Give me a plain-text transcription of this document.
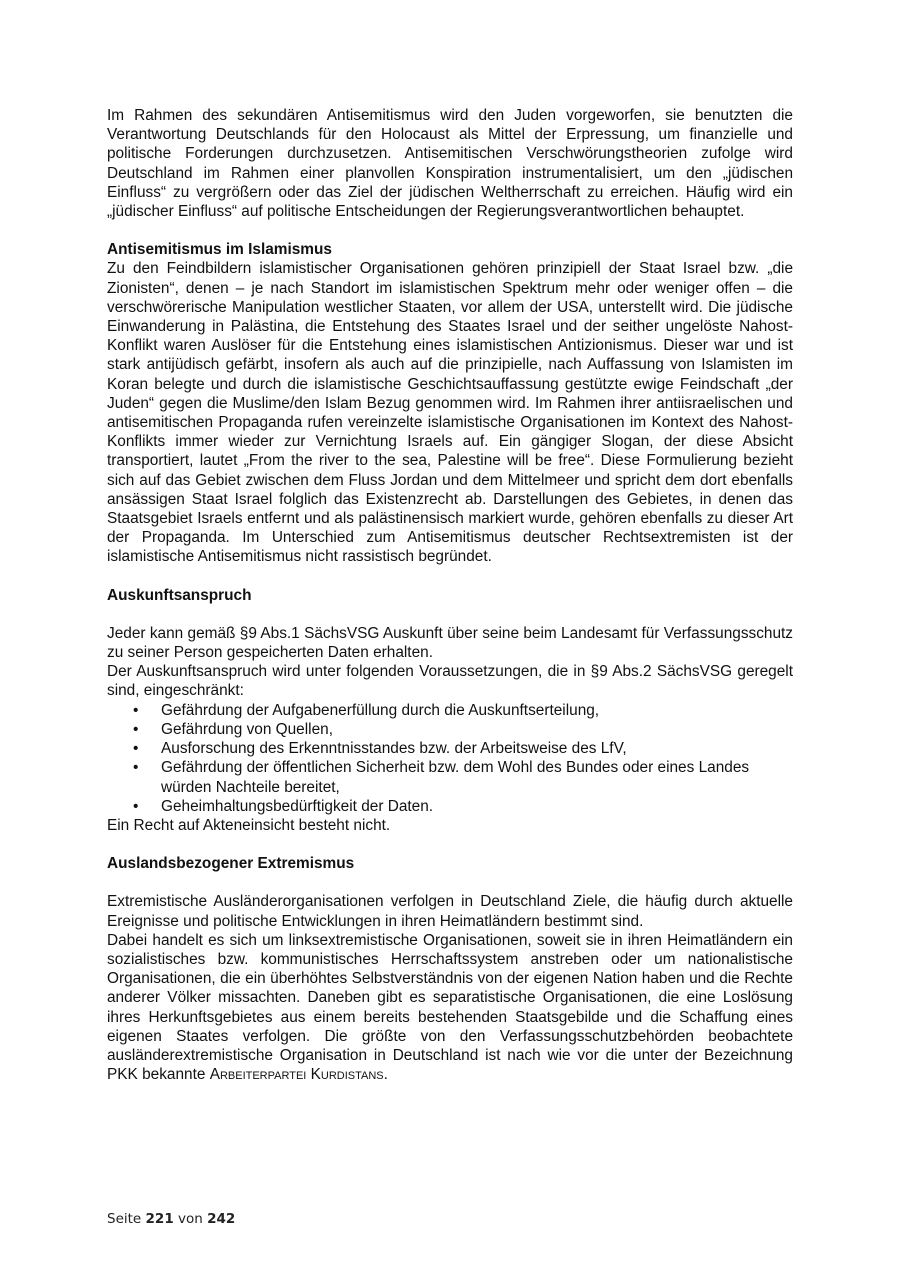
Im Rahmen des sekundären Antisemitismus wird den Juden vorgeworfen, sie benutzten die Verantwortung Deutschlands für den Holocaust als Mittel der Erpressung, um finanzielle und politische Forderungen durchzusetzen. Antisemitischen Verschwörungstheorien zufolge wird Deutschland im Rahmen einer planvollen Konspiration instrumentalisiert, um den „jüdischen Einfluss“ zu vergrößern oder das Ziel der jüdischen Weltherrschaft zu erreichen. Häufig wird ein „jüdischer Einfluss“ auf politische Entscheidungen der Regierungsverantwortlichen behauptet.

Antisemitismus im Islamismus

Zu den Feindbildern islamistischer Organisationen gehören prinzipiell der Staat Israel bzw. „die Zionisten“, denen – je nach Standort im islamistischen Spektrum mehr oder weniger offen – die verschwörerische Manipulation westlicher Staaten, vor allem der USA, unterstellt wird. Die jüdische Einwanderung in Palästina, die Entstehung des Staates Israel und der seither ungelöste Nahost-Konflikt waren Auslöser für die Entstehung eines islamistischen Antizionismus. Dieser war und ist stark antijüdisch gefärbt, insofern als auch auf die prinzipielle, nach Auffassung von Islamisten im Koran belegte und durch die islamistische Geschichtsauffassung gestützte ewige Feindschaft „der Juden“ gegen die Muslime/den Islam Bezug genommen wird. Im Rahmen ihrer antiisraelischen und antisemitischen Propaganda rufen vereinzelte islamistische Organisationen im Kontext des Nahost-Konflikts immer wieder zur Vernichtung Israels auf. Ein gängiger Slogan, der diese Absicht transportiert, lautet „From the river to the sea, Palestine will be free“. Diese Formulierung bezieht sich auf das Gebiet zwischen dem Fluss Jordan und dem Mittelmeer und spricht dem dort ebenfalls ansässigen Staat Israel folglich das Existenzrecht ab. Darstellungen des Gebietes, in denen das Staatsgebiet Israels entfernt und als palästinensisch markiert wurde, gehören ebenfalls zu dieser Art der Propaganda. Im Unterschied zum Antisemitismus deutscher Rechtsextremisten ist der islamistische Antisemitismus nicht rassistisch begründet.

Auskunftsanspruch

Jeder kann gemäß §9 Abs.1 SächsVSG Auskunft über seine beim Landesamt für Verfassungsschutz zu seiner Person gespeicherten Daten erhalten.

Der Auskunftsanspruch wird unter folgenden Voraussetzungen, die in §9 Abs.2 SächsVSG geregelt sind, eingeschränkt:

• Gefährdung der Aufgabenerfüllung durch die Auskunftserteilung,
• Gefährdung von Quellen,
• Ausforschung des Erkenntnisstandes bzw. der Arbeitsweise des LfV,
• Gefährdung der öffentlichen Sicherheit bzw. dem Wohl des Bundes oder eines Landes würden Nachteile bereitet,
• Geheimhaltungsbedürftigkeit der Daten.

Ein Recht auf Akteneinsicht besteht nicht.

Auslandsbezogener Extremismus

Extremistische Ausländerorganisationen verfolgen in Deutschland Ziele, die häufig durch aktuelle Ereignisse und politische Entwicklungen in ihren Heimatländern bestimmt sind.

Dabei handelt es sich um linksextremistische Organisationen, soweit sie in ihren Heimatländern ein sozialistisches bzw. kommunistisches Herrschaftssystem anstreben oder um nationalistische Organisationen, die ein überhöhtes Selbstverständnis von der eigenen Nation haben und die Rechte anderer Völker missachten. Daneben gibt es separatistische Organisationen, die eine Loslösung ihres Herkunftsgebietes aus einem bereits bestehenden Staatsgebilde und die Schaffung eines eigenen Staates verfolgen. Die größte von den Verfassungsschutzbehörden beobachtete ausländerextremistische Organisation in Deutschland ist nach wie vor die unter der Bezeichnung PKK bekannte Arbeiterpartei Kurdistans.

Seite 221 von 242
